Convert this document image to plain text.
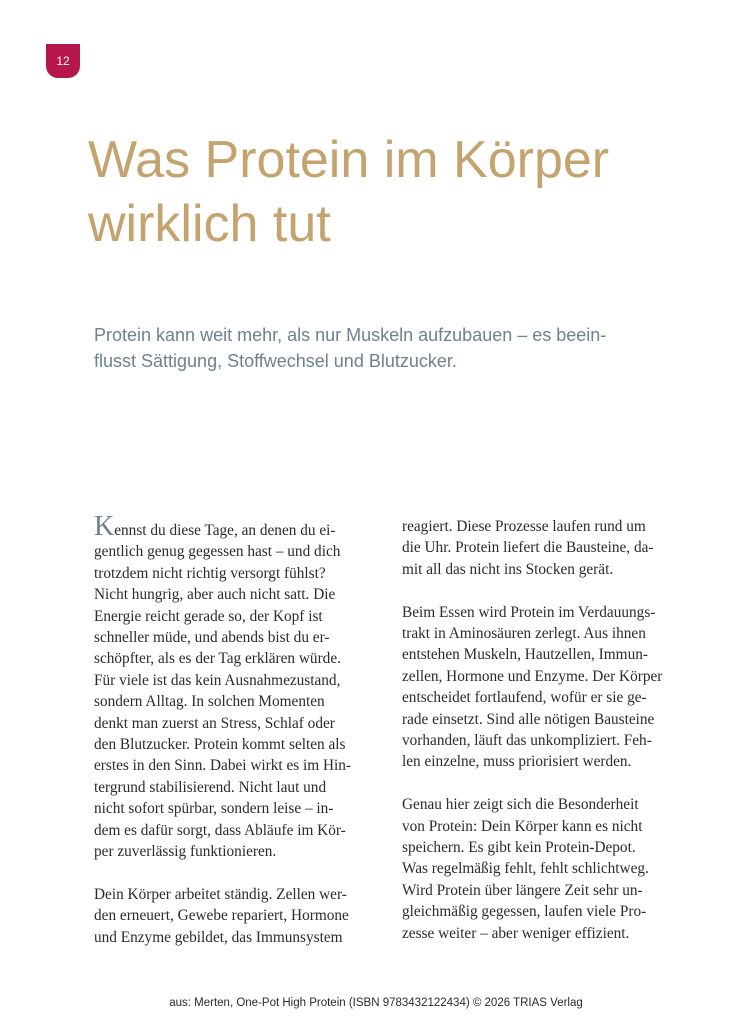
12
Was Protein im Körper
wirklich tut

Protein kann weit mehr, als nur Muskeln aufzubauen – es beein-
flusst Sättigung, Stoffwechsel und Blutzucker.

Kennst du diese Tage, an denen du ei-
gentlich genug gegessen hast – und dich
trotzdem nicht richtig versorgt fühlst?
Nicht hungrig, aber auch nicht satt. Die
Energie reicht gerade so, der Kopf ist
schneller müde, und abends bist du er-
schöpfter, als es der Tag erklären würde.
Für viele ist das kein Ausnahmezustand,
sondern Alltag. In solchen Momenten
denkt man zuerst an Stress, Schlaf oder
den Blutzucker. Protein kommt selten als
erstes in den Sinn. Dabei wirkt es im Hin-
tergrund stabilisierend. Nicht laut und
nicht sofort spürbar, sondern leise – in-
dem es dafür sorgt, dass Abläufe im Kör-
per zuverlässig funktionieren.

Dein Körper arbeitet ständig. Zellen wer-
den erneuert, Gewebe repariert, Hormone
und Enzyme gebildet, das Immunsystem

reagiert. Diese Prozesse laufen rund um
die Uhr. Protein liefert die Bausteine, da-
mit all das nicht ins Stocken gerät.

Beim Essen wird Protein im Verdauungs-
trakt in Aminosäuren zerlegt. Aus ihnen
entstehen Muskeln, Hautzellen, Immun-
zellen, Hormone und Enzyme. Der Körper
entscheidet fortlaufend, wofür er sie ge-
rade einsetzt. Sind alle nötigen Bausteine
vorhanden, läuft das unkompliziert. Feh-
len einzelne, muss priorisiert werden.

Genau hier zeigt sich die Besonderheit
von Protein: Dein Körper kann es nicht
speichern. Es gibt kein Protein-Depot.
Was regelmäßig fehlt, fehlt schlichtweg.
Wird Protein über längere Zeit sehr un-
gleichmäßig gegessen, laufen viele Pro-
zesse weiter – aber weniger effizient.

aus: Merten, One-Pot High Protein (ISBN 9783432122434) © 2026 TRIAS Verlag
